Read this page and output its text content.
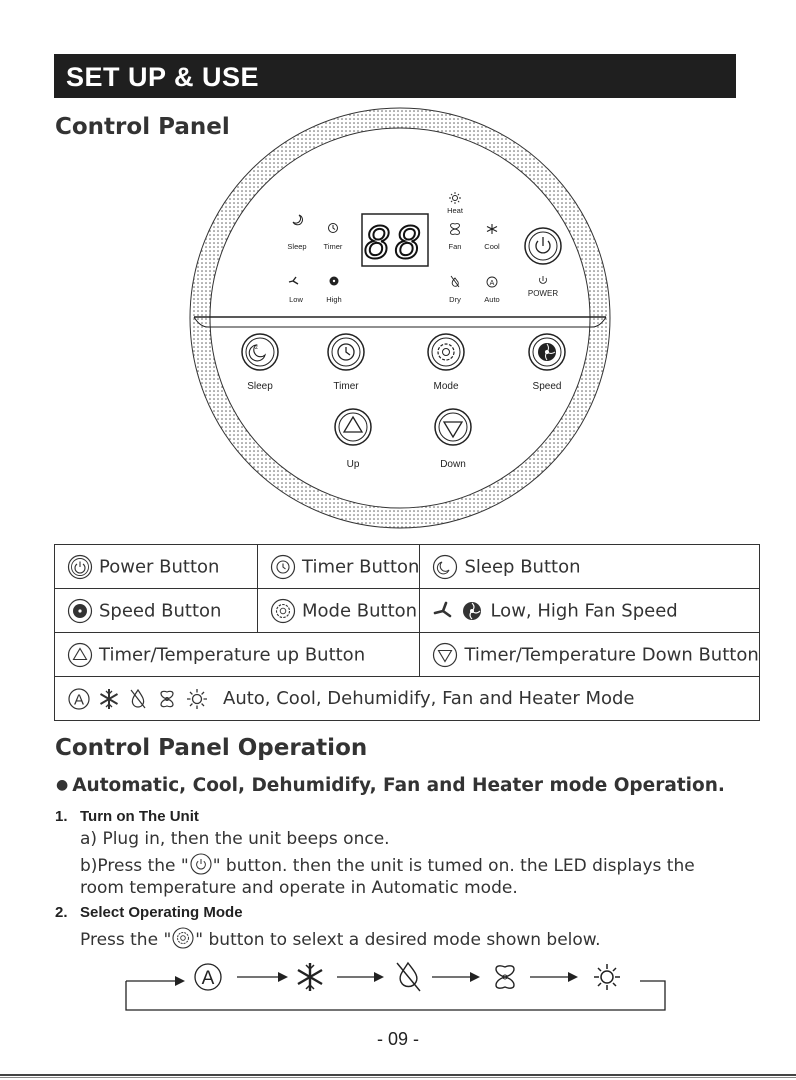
SET UP & USE
Control Panel
Sleep Timer 88
Heat
Fan	Cool
POWER
Low	High	Dry
A
Auto
z
Sleep	Timer	Mode	Speed
Up	Down
Power Button	Timer Button	Sleep Button
Speed Button	Mode Button	Low, High Fan Speed
Timer/Temperature up Button		Timer/Temperature Down Button

A Auto, Cool, Dehumidify, Fan and Heater Mode		
Control Panel Operation
● Automatic, Cool, Dehumidify, Fan and Heater mode Operation.
1. Turn on The Unit
a) Plug in, then the unit beeps once.
b)Press the " " button. then the unit is tumed on. the LED displays the
room temperature and operate in Automatic mode.
2. Select Operating Mode
Press the " " button to selext a desired mode shown below.
A
- 09 -
